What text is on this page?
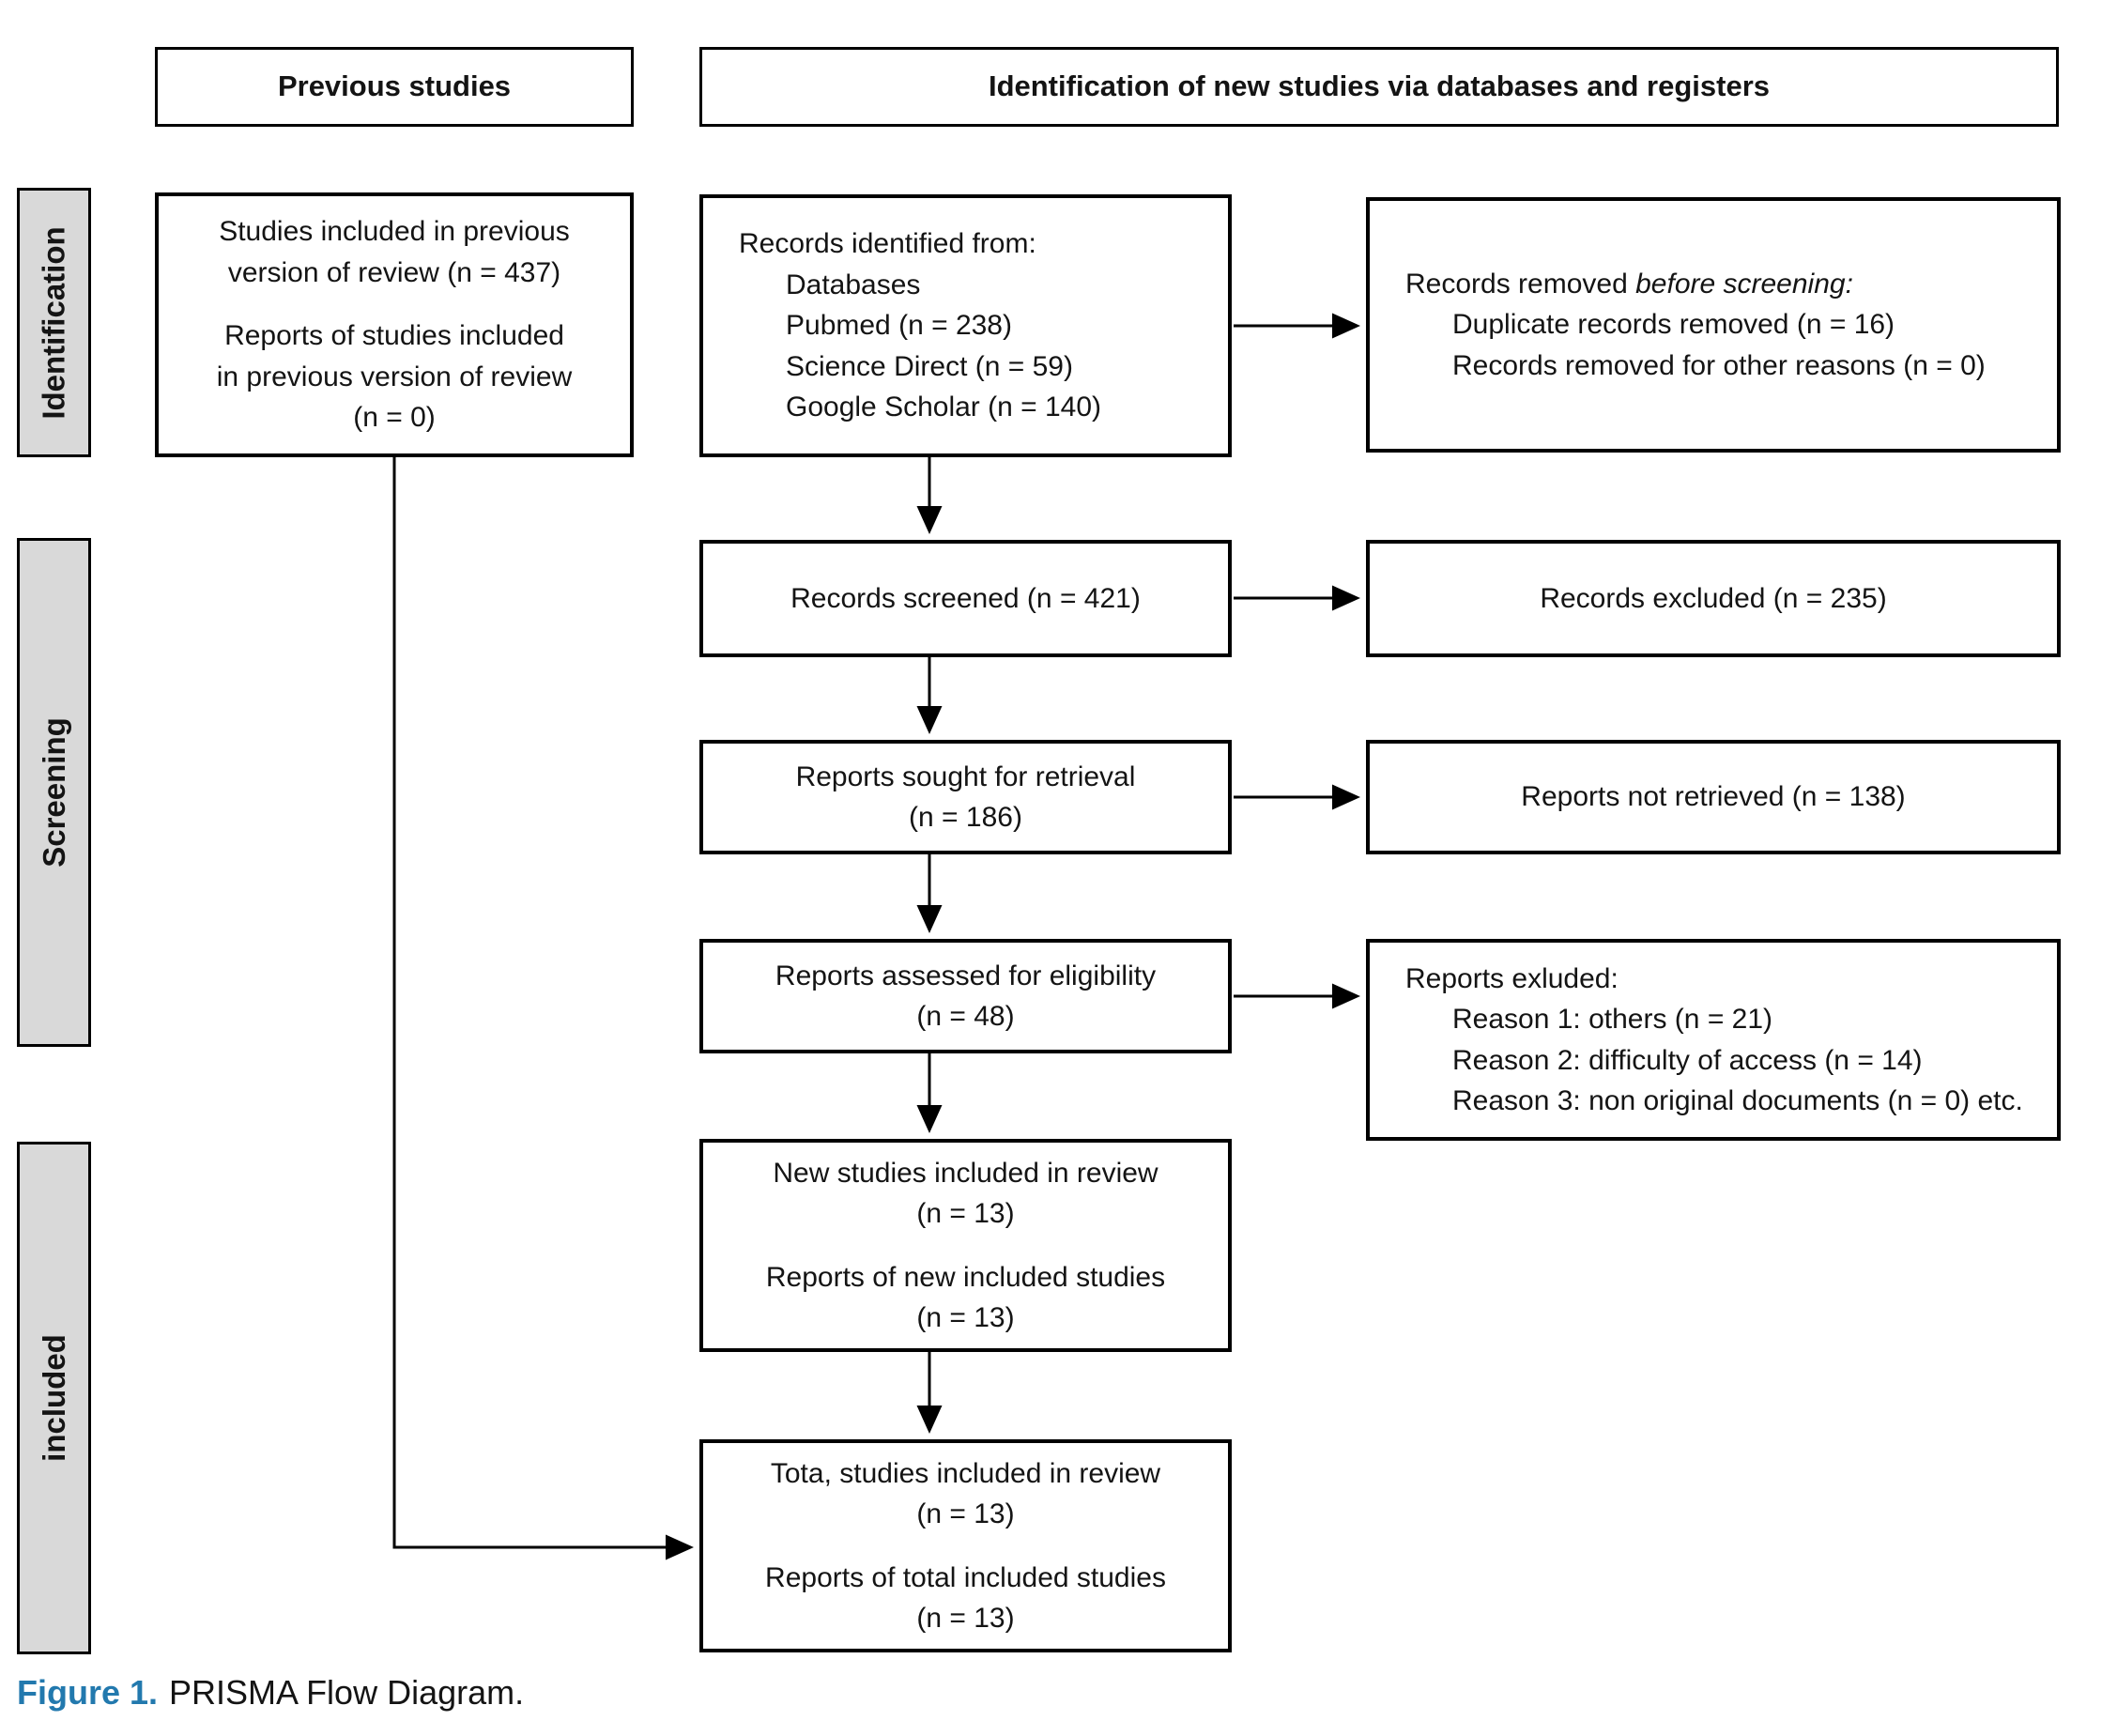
Previous studies	Identification of new studies via databases and registers
Identification
Screening
included
Studies included in previous
version of review (n = 437)
Reports of studies included
in previous version of review
(n = 0)
Records identified from:
Databases
Pubmed (n = 238)
Science Direct (n = 59)
Google Scholar (n = 140)
Records screened (n = 421)
Reports sought for retrieval
(n = 186)
Reports assessed for eligibility
(n = 48)
New studies included in review
(n = 13)
Reports of new included studies
(n = 13)
Tota, studies included in review
(n = 13)
Reports of total included studies
(n = 13)
Records removed before screening:
Duplicate records removed (n = 16)
Records removed for other reasons (n = 0)
Records excluded (n = 235)
Reports not retrieved (n = 138)
Reports exluded:
Reason 1: others (n = 21)
Reason 2: difficulty of access (n = 14)
Reason 3: non original documents (n = 0) etc.
Figure 1. PRISMA Flow Diagram.
